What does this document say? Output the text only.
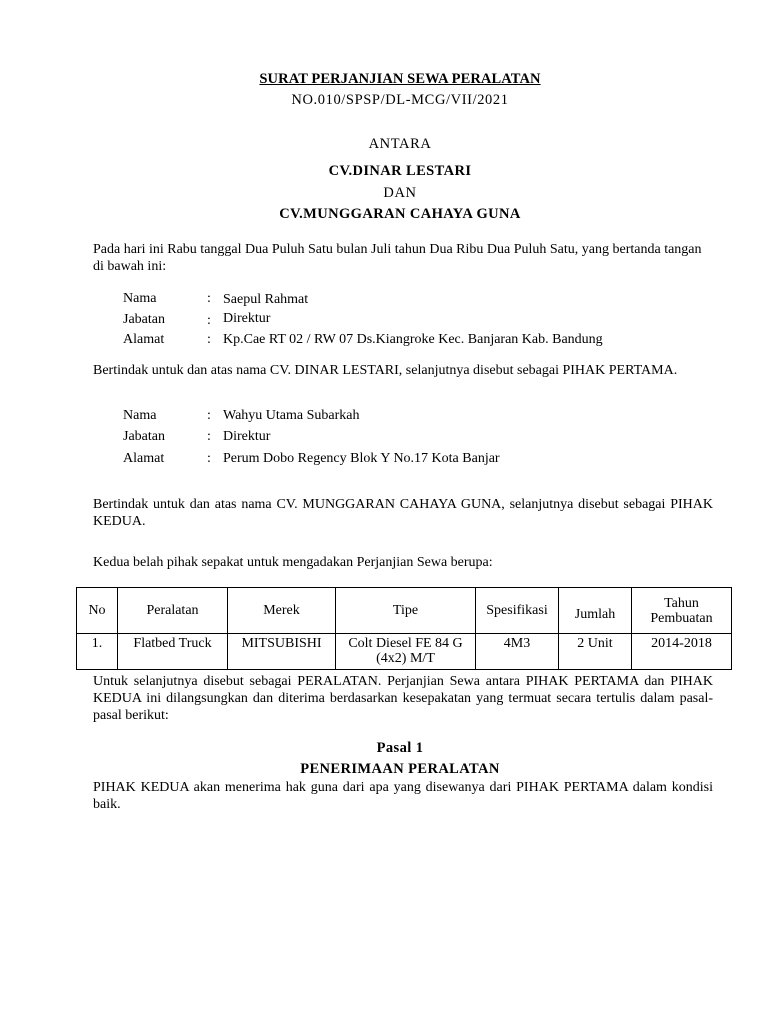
SURAT PERJANJIAN SEWA PERALATAN
NO.010/SPSP/DL-MCG/VII/2021
ANTARA
CV.DINAR LESTARI
DAN
CV.MUNGGARAN CAHAYA GUNA
Pada hari ini Rabu tanggal Dua Puluh Satu bulan Juli tahun Dua Ribu Dua Puluh Satu, yang bertanda tangan di bawah ini:
Nama	: Saepul Rahmat
Jabatan	: Direktur
Alamat	: Kp.Cae RT 02 / RW 07 Ds.Kiangroke Kec. Banjaran Kab. Bandung
Bertindak untuk dan atas nama CV. DINAR LESTARI, selanjutnya disebut sebagai PIHAK PERTAMA.
Nama	: Wahyu Utama Subarkah
Jabatan	: Direktur
Alamat	: Perum Dobo Regency Blok Y No.17 Kota Banjar
Bertindak untuk dan atas nama CV. MUNGGARAN CAHAYA GUNA, selanjutnya disebut sebagai PIHAK KEDUA.
Kedua belah pihak sepakat untuk mengadakan Perjanjian Sewa berupa:
No	Peralatan	Merek	Tipe	Spesifikasi	Jumlah	Tahun Pembuatan
1.	Flatbed Truck	MITSUBISHI	Colt Diesel FE 84 G (4x2) M/T	4M3	2 Unit	2014-2018
Untuk selanjutnya disebut sebagai PERALATAN. Perjanjian Sewa antara PIHAK PERTAMA dan PIHAK KEDUA ini dilangsungkan dan diterima berdasarkan kesepakatan yang termuat secara tertulis dalam pasal- pasal berikut:
Pasal 1
PENERIMAAN PERALATAN
PIHAK KEDUA akan menerima hak guna dari apa yang disewanya dari PIHAK PERTAMA dalam kondisi baik.
